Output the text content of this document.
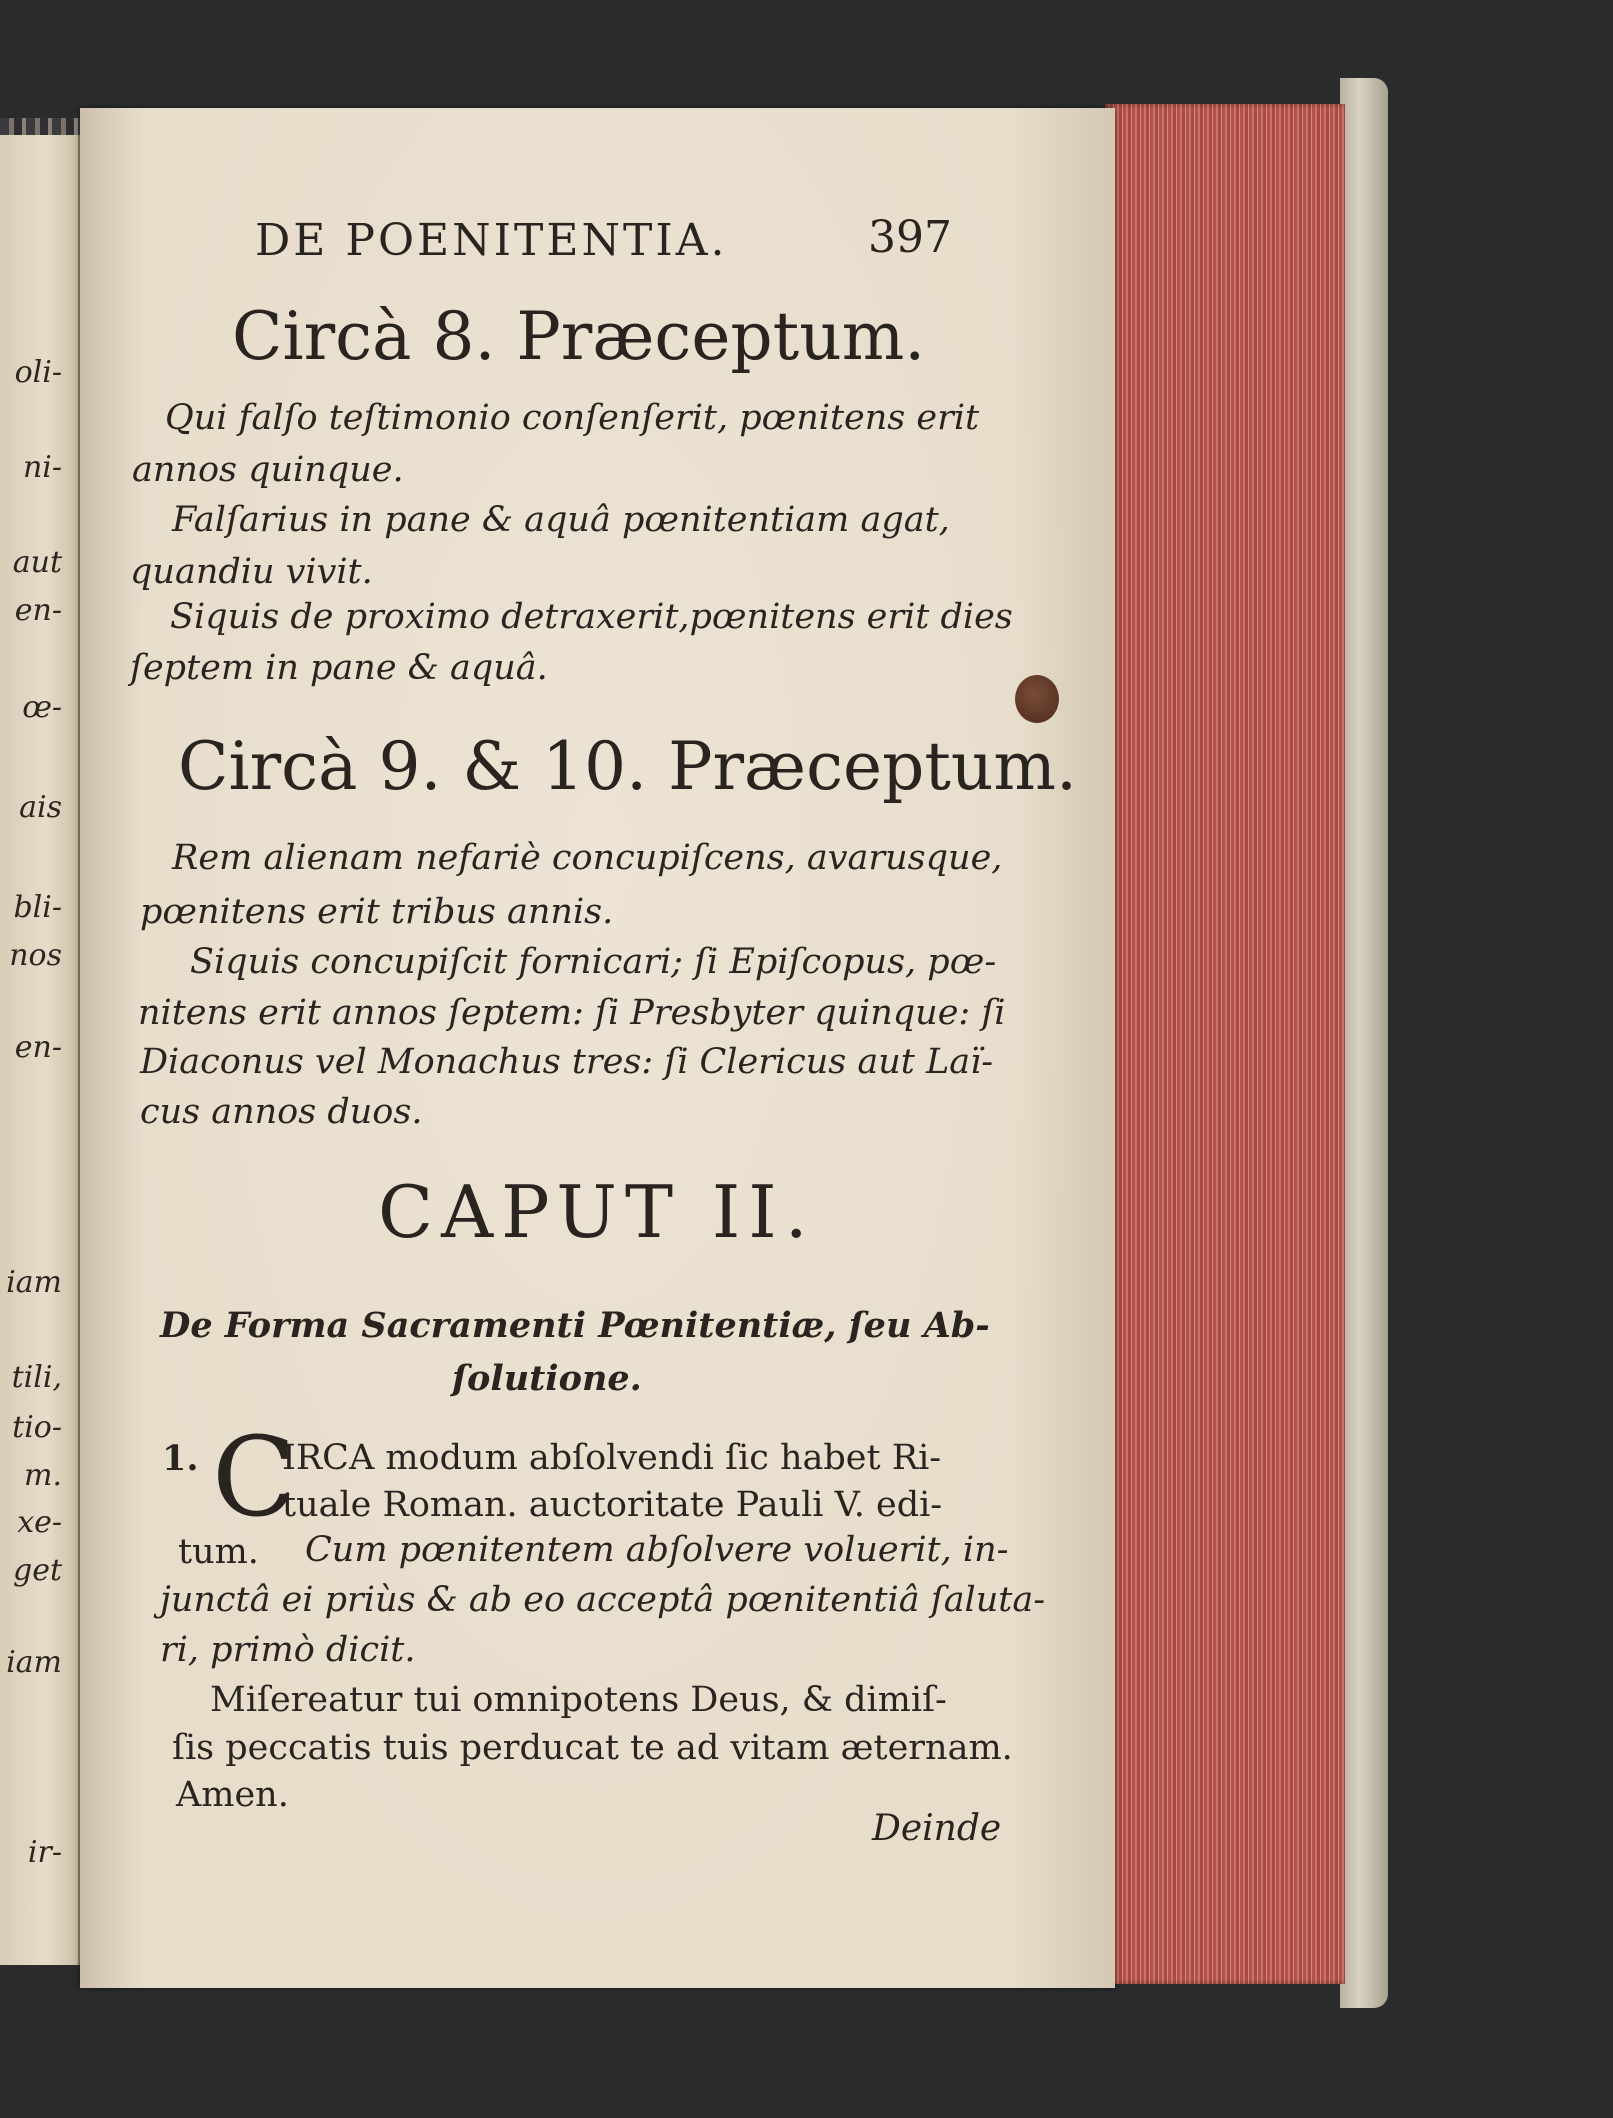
oli-
ni-
aut
en-
œ-
ais
bli-
nos
en-
iam
tili,
tio-
m.
xe-
get
iam
ir-
DE POENITENTIA.	397
Circà 8. Præceptum.
Qui falſo teſtimonio conſenſerit, pœnitens erit
annos quinque.
Falſarius in pane & aquâ pœnitentiam agat,
quandiu vivit.
Siquis de proximo detraxerit,pœnitens erit dies
ſeptem in pane & aquâ.
Circà 9. & 10. Præceptum.
Rem alienam nefariè concupiſcens, avarusque,
pœnitens erit tribus annis.
Siquis concupiſcit fornicari; ſi Epiſcopus, pœ-
nitens erit annos ſeptem: ſi Presbyter quinque: ſi
Diaconus vel Monachus tres: ſi Clericus aut Laï-
cus annos duos.
CAPUT II.
De Forma Sacramenti Pœnitentiæ, ſeu Ab-
ſolutione.
1. C
IRCA modum abſolvendi ſic habet Ri-
tuale Roman. auctoritate Pauli V. edi-
tum. Cum pœnitentem abſolvere voluerit, in-
junctâ ei priùs & ab eo acceptâ pœnitentiâ ſaluta-
ri, primò dicit.
Miſereatur tui omnipotens Deus, & dimiſ-
ſis peccatis tuis perducat te ad vitam æternam.
Amen.
Deinde
